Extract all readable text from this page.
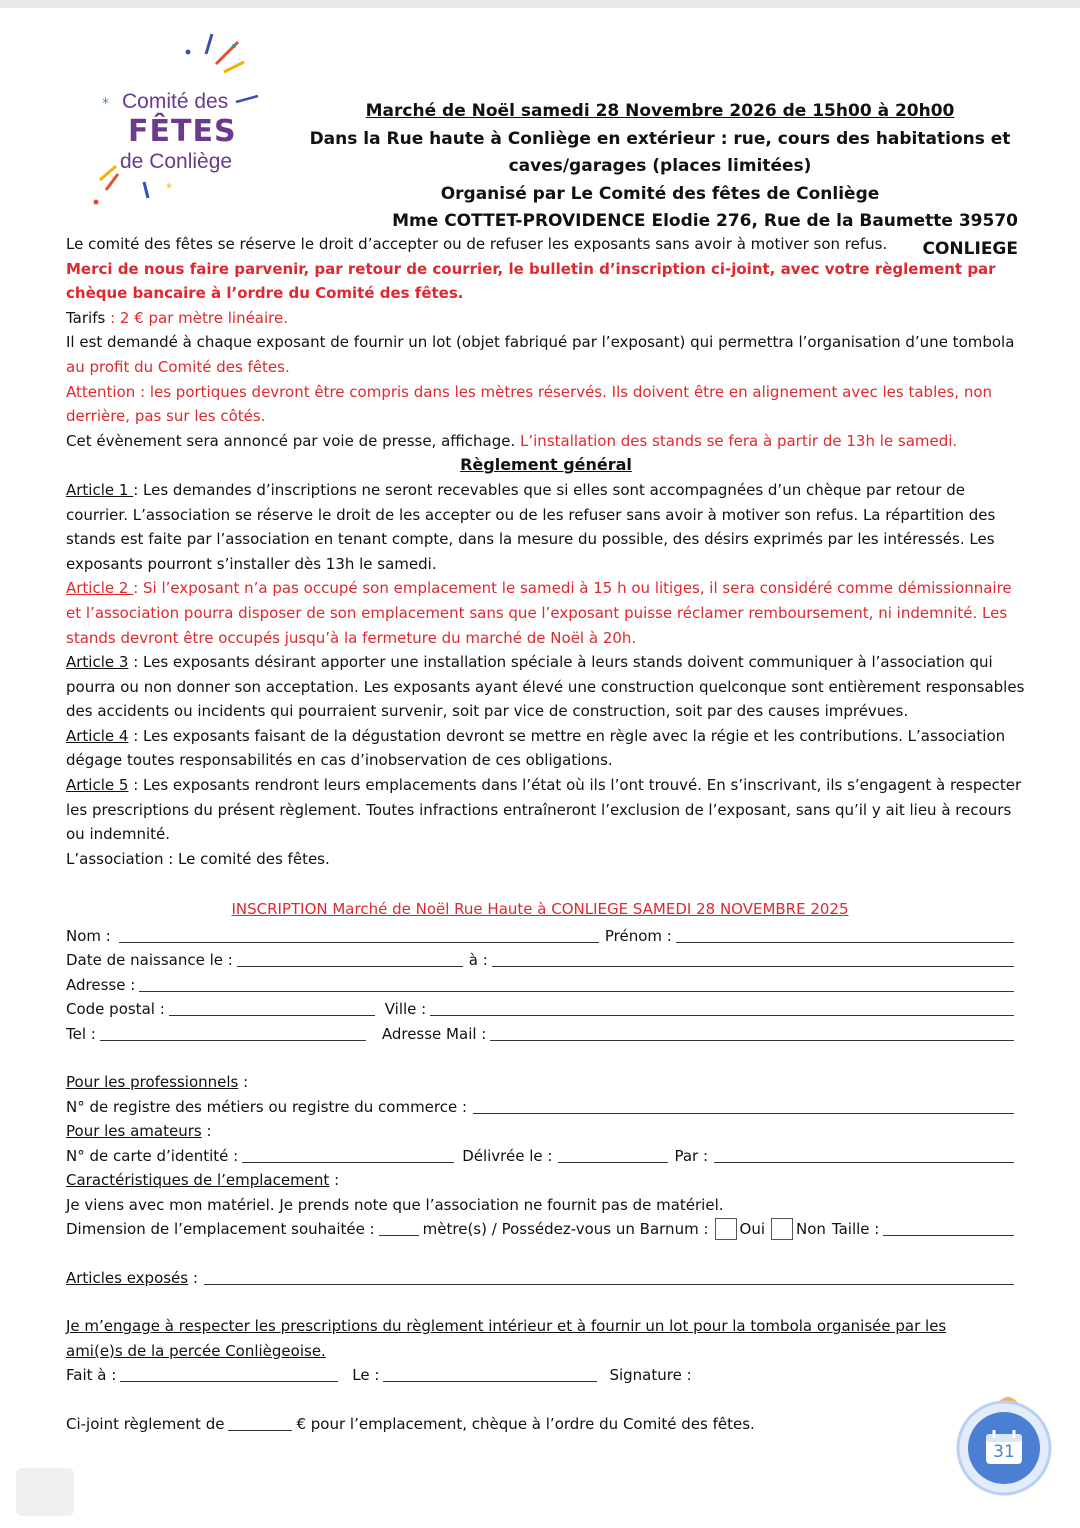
*
*
Comité des
FÊTES
de Conliège
Marché de Noël samedi 28 Novembre 2026 de 15h00 à 20h00
Dans la Rue haute à Conliège en extérieur : rue, cours des habitations et
caves/garages (places limitées)
Organisé par Le Comité des fêtes de Conliège
Mme COTTET-PROVIDENCE Elodie 276, Rue de la Baumette 39570 CONLIEGE

Le comité des fêtes se réserve le droit d’accepter ou de refuser les exposants sans avoir à motiver son refus.

Merci de nous faire parvenir, par retour de courrier, le bulletin d’inscription ci-joint, avec votre règlement par chèque bancaire à l’ordre du Comité des fêtes.

Tarifs : 2 € par mètre linéaire.

Il est demandé à chaque exposant de fournir un lot (objet fabriqué par l’exposant) qui permettra l’organisation d’une tombola au profit du Comité des fêtes.

Attention : les portiques devront être compris dans les mètres réservés. Ils doivent être en alignement avec les tables, non derrière, pas sur les côtés.

Cet évènement sera annoncé par voie de presse, affichage. L’installation des stands se fera à partir de 13h le samedi.

Règlement général

Article 1 : Les demandes d’inscriptions ne seront recevables que si elles sont accompagnées d’un chèque par retour de courrier. L’association se réserve le droit de les accepter ou de les refuser sans avoir à motiver son refus. La répartition des stands est faite par l’association en tenant compte, dans la mesure du possible, des désirs exprimés par les intéressés. Les exposants pourront s’installer dès 13h le samedi.

Article 2 : Si l’exposant n’a pas occupé son emplacement le samedi à 15 h ou litiges, il sera considéré comme démissionnaire et l’association pourra disposer de son emplacement sans que l’exposant puisse réclamer remboursement, ni indemnité. Les stands devront être occupés jusqu’à la fermeture du marché de Noël à 20h.

Article 3 : Les exposants désirant apporter une installation spéciale à leurs stands doivent communiquer à l’association qui pourra ou non donner son acceptation. Les exposants ayant élevé une construction quelconque sont entièrement responsables des accidents ou incidents qui pourraient survenir, soit par vice de construction, soit par des causes imprévues.

Article 4 : Les exposants faisant de la dégustation devront se mettre en règle avec la régie et les contributions. L’association dégage toutes responsabilités en cas d’inobservation de ces obligations.

Article 5 : Les exposants rendront leurs emplacements dans l’état où ils l’ont trouvé. En s’inscrivant, ils s’engagent à respecter les prescriptions du présent règlement. Toutes infractions entraîneront l’exclusion de l’exposant, sans qu’il y ait lieu à recours ou indemnité.

L’association : Le comité des fêtes.

INSCRIPTION Marché de Noël Rue Haute à CONLIEGE SAMEDI 28 NOVEMBRE 2025
Nom :	Prénom :
Date de naissance le :	à :
Adresse :
Code postal :	Ville :
Tel :	Adresse Mail :
Pour les professionnels :
N° de registre des métiers ou registre du commerce :
Pour les amateurs :
N° de carte d’identité :	Délivrée le :	Par :
Caractéristiques de l’emplacement :
Je viens avec mon matériel. Je prends note que l’association ne fournit pas de matériel.
Dimension de l’emplacement souhaitée :	mètre(s) / Possédez-vous un Barnum : Oui Non Taille :
Articles exposés :
Je m’engage à respecter les prescriptions du règlement intérieur et à fournir un lot pour la tombola organisée par les
ami(e)s de la percée Conliègeoise.
Fait à :	Le :	Signature :
Ci-joint règlement de	€ pour l’emplacement, chèque à l’ordre du Comité des fêtes.
31
